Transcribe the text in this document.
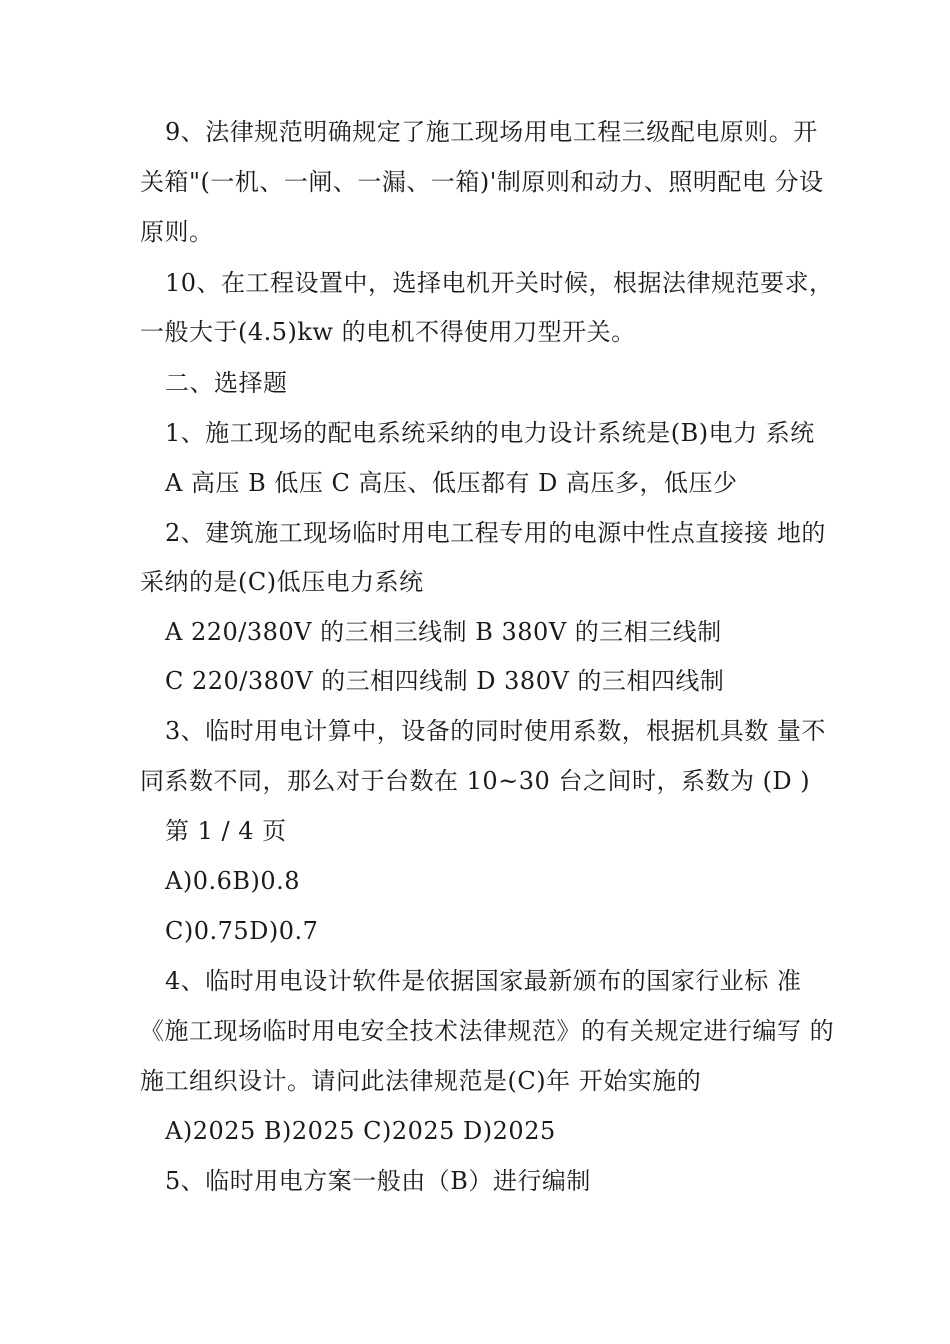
9、法律规范明确规定了施工现场用电工程三级配电原则。开
关箱"(一机、一闸、一漏、一箱)'制原则和动力、照明配电 分设
原则。
10、在工程设置中，选择电机开关时候，根据法律规范要求，
一般大于(4.5)kw 的电机不得使用刀型开关。
二、选择题
1、施工现场的配电系统采纳的电力设计系统是(B)电力 系统
A 高压 B 低压 C 高压、低压都有 D 高压多，低压少
2、建筑施工现场临时用电工程专用的电源中性点直接接 地的
采纳的是(C)低压电力系统
A 220/380V 的三相三线制 B 380V 的三相三线制
C 220/380V 的三相四线制 D 380V 的三相四线制
3、临时用电计算中，设备的同时使用系数，根据机具数 量不
同系数不同，那么对于台数在 10~30 台之间时，系数为 (D )
第 1 / 4 页
A)0.6B)0.8
C)0.75D)0.7
4、临时用电设计软件是依据国家最新颁布的国家行业标 准
《施工现场临时用电安全技术法律规范》的有关规定进行编写 的
施工组织设计。请问此法律规范是(C)年 开始实施的
A)2025 B)2025 C)2025 D)2025
5、临时用电方案一般由（B）进行编制
